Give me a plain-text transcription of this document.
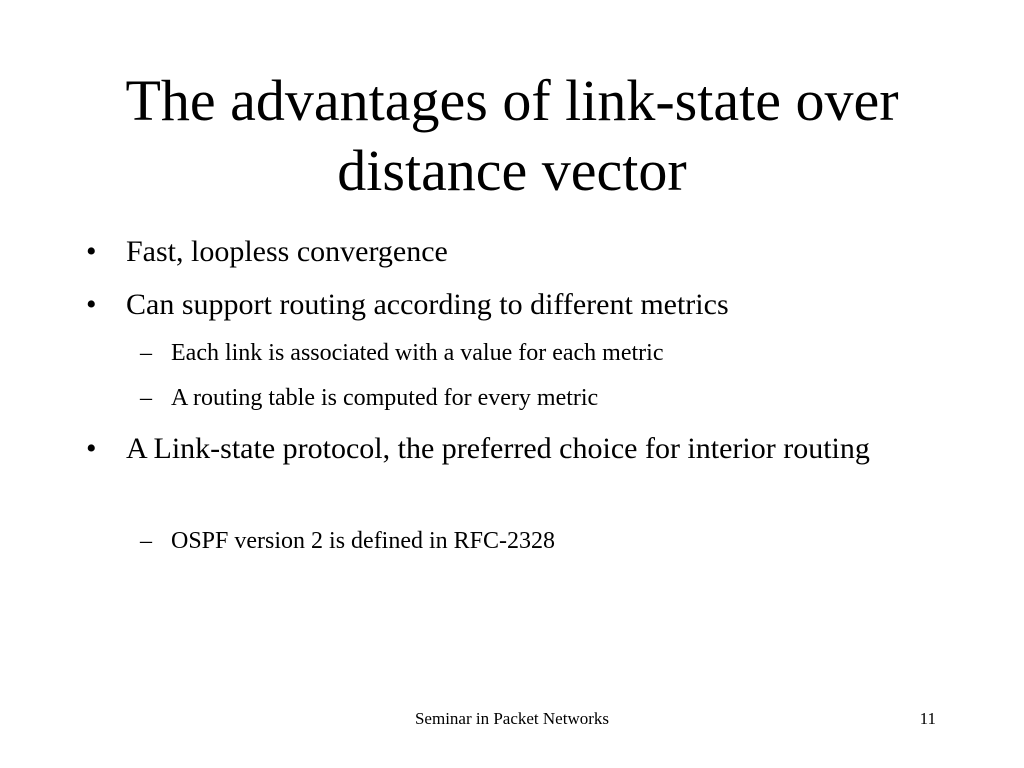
The advantages of link-state over
distance vector
• Fast, loopless convergence
• Can support routing according to different metrics
– Each link is associated with a value for each metric
– A routing table is computed for every metric
• A Link-state protocol, the preferred choice for interior routing
– OSPF version 2 is defined in RFC-2328
Seminar in Packet Networks	11
